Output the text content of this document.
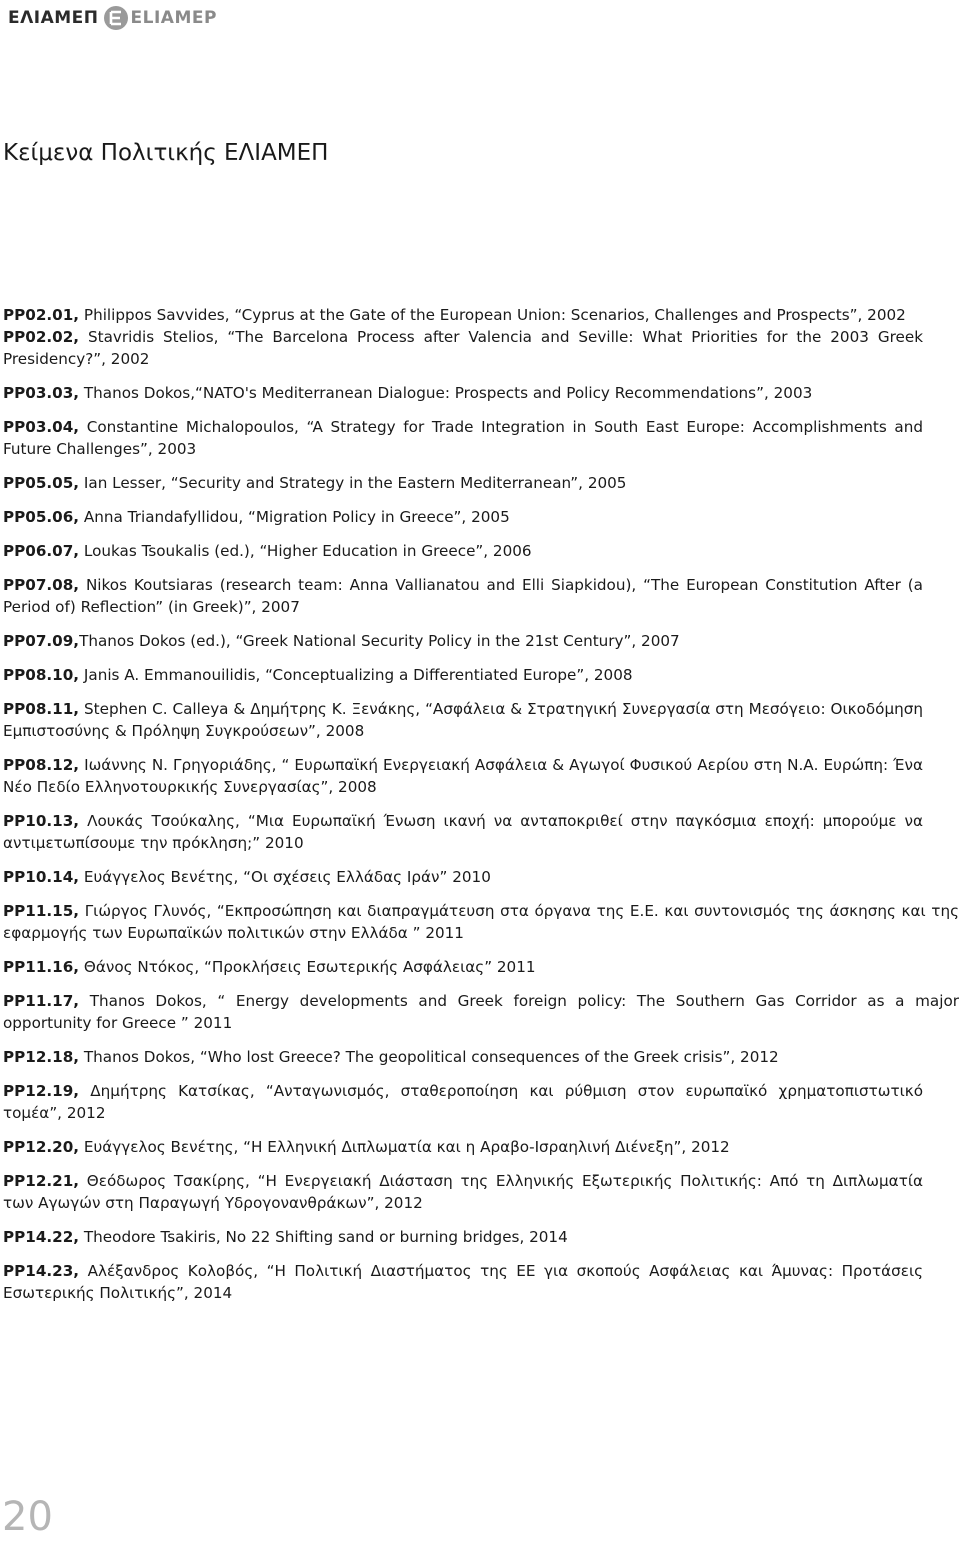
ΕΛΙΑΜΕΠ ELIAMEP
Κείμενα Πολιτικής ΕΛΙΑΜΕΠ

PP02.01, Philippos Savvides, “Cyprus at the Gate of the European Union: Scenarios, Challenges and Prospects”, 2002

PP02.02, Stavridis Stelios, “The Barcelona Process after Valencia and Seville: What Priorities for the 2003 Greek Presidency?”, 2002

PP03.03, Thanos Dokos,“NATO's Mediterranean Dialogue: Prospects and Policy Recommendations”, 2003

PP03.04, Constantine Michalopoulos, “A Strategy for Trade Integration in South East Europe: Accomplishments and Future Challenges”, 2003

PP05.05, Ian Lesser, “Security and Strategy in the Eastern Mediterranean”, 2005

PP05.06, Anna Triandafyllidou, “Migration Policy in Greece”, 2005

PP06.07, Loukas Tsoukalis (ed.), “Higher Education in Greece”, 2006

PP07.08, Nikos Koutsiaras (research team: Anna Vallianatou and Elli Siapkidou), “The European Constitution After (a Period of) Reflection” (in Greek)”, 2007

PP07.09,Thanos Dokos (ed.), “Greek National Security Policy in the 21st Century”, 2007

PP08.10, Janis A. Emmanouilidis, “Conceptualizing a Differentiated Europe”, 2008

PP08.11, Stephen C. Calleya & Δημήτρης Κ. Ξενάκης, “Ασφάλεια & Στρατηγική Συνεργασία στη Μεσόγειο: Οικοδόμηση Εμπιστοσύνης & Πρόληψη Συγκρούσεων”, 2008

PP08.12, Ιωάννης Ν. Γρηγοριάδης, “ Ευρωπαϊκή Ενεργειακή Ασφάλεια & Αγωγοί Φυσικού Αερίου στη Ν.Α. Ευρώπη: Ένα Νέο Πεδίο Ελληνοτουρκικής Συνεργασίας”, 2008

PP10.13, Λουκάς Τσούκαλης, “Μια Ευρωπαϊκή Ένωση ικανή να ανταποκριθεί στην παγκόσμια εποχή: μπορούμε να αντιμετωπίσουμε την πρόκληση;” 2010

PP10.14, Ευάγγελος Βενέτης, “Οι σχέσεις Ελλάδας Ιράν” 2010

PP11.15, Γιώργος Γλυνός, “Εκπροσώπηση και διαπραγμάτευση στα όργανα της Ε.Ε. και συντονισμός της άσκησης και της εφαρμογής των Ευρωπαϊκών πολιτικών στην Ελλάδα ” 2011

PP11.16, Θάνος Ντόκος, “Προκλήσεις Εσωτερικής Ασφάλειας” 2011

PP11.17, Thanos Dokos, “ Energy developments and Greek foreign policy: The Southern Gas Corridor as a major opportunity for Greece ” 2011

PP12.18, Thanos Dokos, “Who lost Greece? The geopolitical consequences of the Greek crisis”, 2012

PP12.19, Δημήτρης Κατσίκας, “Ανταγωνισμός, σταθεροποίηση και ρύθμιση στον ευρωπαϊκό χρηματοπιστωτικό τομέα”, 2012

PP12.20, Ευάγγελος Βενέτης, “Η Ελληνική Διπλωματία και η Αραβο-Ισραηλινή Διένεξη”, 2012

PP12.21, Θεόδωρος Τσακίρης, “Η Ενεργειακή Διάσταση της Ελληνικής Εξωτερικής Πολιτικής: Από τη Διπλωματία των Αγωγών στη Παραγωγή Υδρογονανθράκων”, 2012

PP14.22, Theodore Tsakiris, No 22 Shifting sand or burning bridges, 2014

PP14.23, Αλέξανδρος Κολοβός, “Η Πολιτική Διαστήματος της ΕΕ για σκοπούς Ασφάλειας και Άμυνας: Προτάσεις Εσωτερικής Πολιτικής”, 2014

20
